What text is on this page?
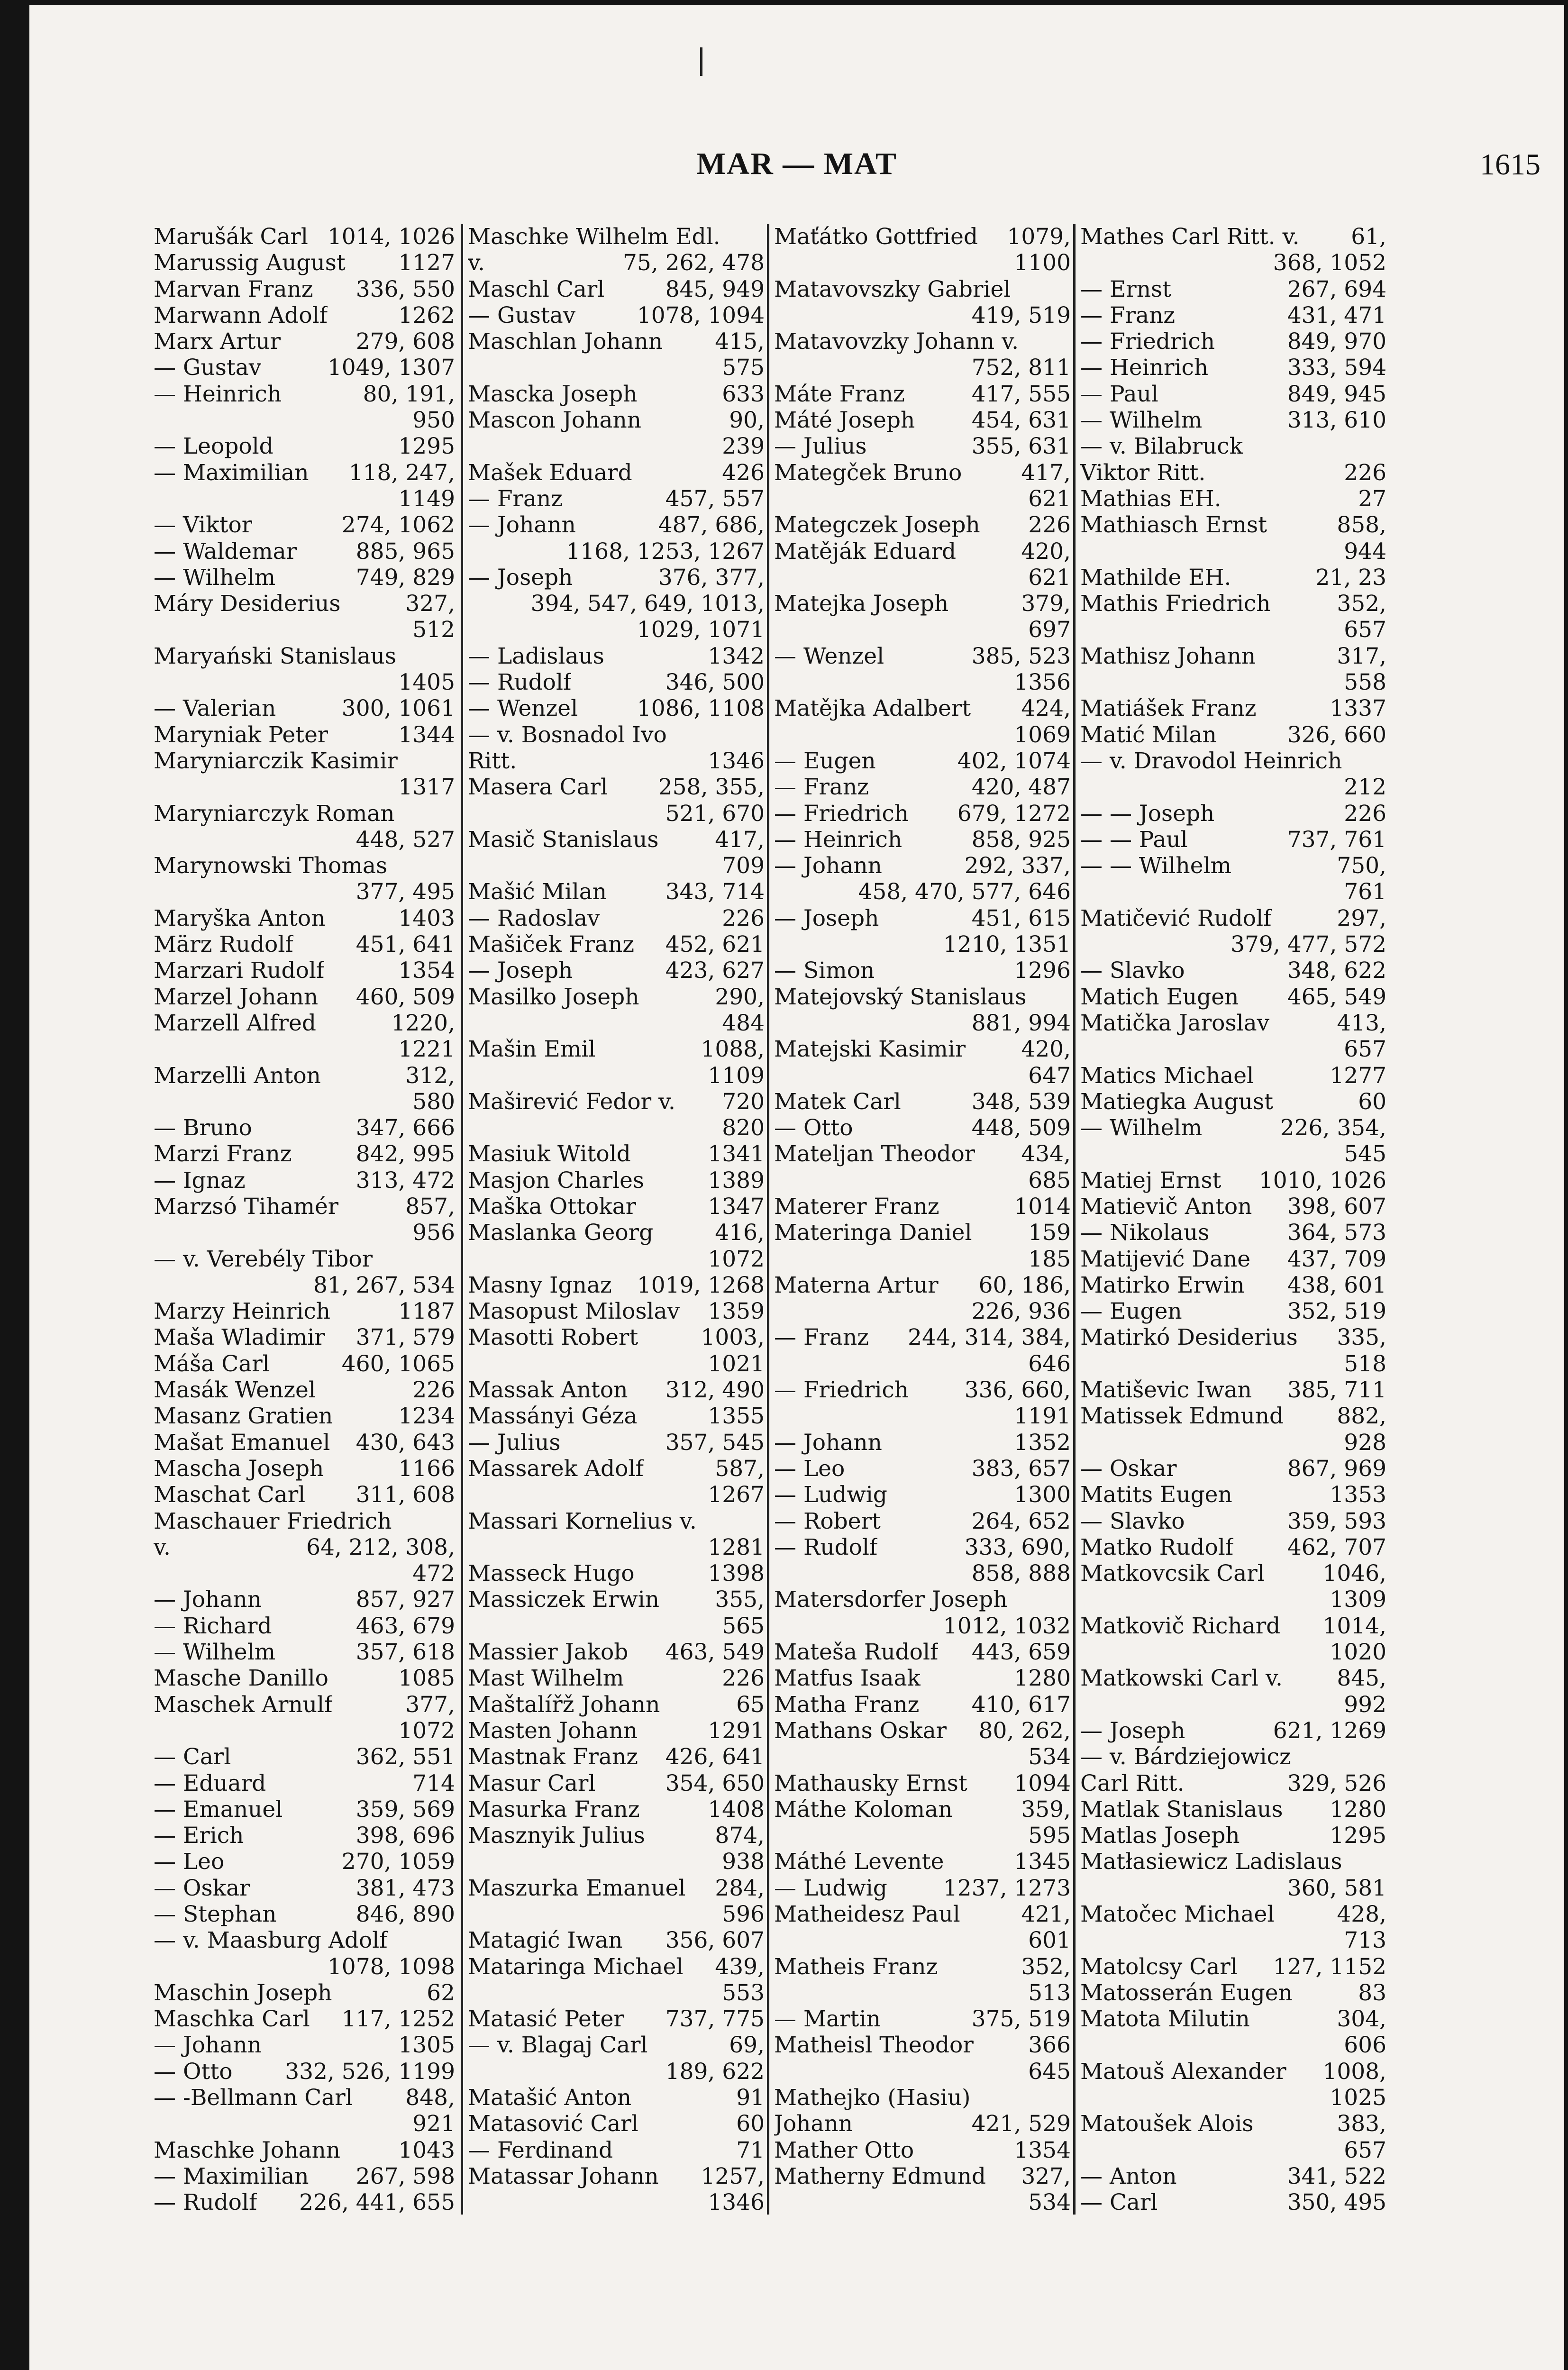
MAR — MAT	1615
Marušák Carl 1014, 1026
Marussig August 1127
Marvan Franz 336, 550
Marwann Adolf	1262
Marx Artur	279, 608
— Gustav	1049, 1307
— Heinrich	80, 191,
950
— Leopold	1295
— Maximilian 118, 247,
1149
— Viktor	274, 1062
— Waldemar	885, 965
— Wilhelm	749, 829
Máry Desiderius	327,
512
Maryański Stanislaus
1405
— Valerian	300, 1061
Maryniak Peter	1344
Maryniarczik Kasimir
1317
Maryniarczyk Roman
448, 527
Marynowski Thomas
377, 495
Maryška Anton	1403
März Rudolf	451, 641
Marzari Rudolf	1354
Marzel Johann 460, 509
Marzell Alfred	1220,
1221
Marzelli Anton	312,
580
— Bruno	347, 666
Marzi Franz	842, 995
— Ignaz	313, 472
Marzsó Tihamér	857,
956
— v. Verebély Tibor
81, 267, 534
Marzy Heinrich	1187
Maša Wladimir 371, 579
Máša Carl	460, 1065
Masák Wenzel	226
Masanz Gratien	1234
Mašat Emanuel 430, 643
Mascha Joseph	1166
Maschat Carl 311, 608
Maschauer Friedrich
v.	64, 212, 308,
472
— Johann	857, 927
— Richard	463, 679
— Wilhelm	357, 618
Masche Danillo	1085
Maschek Arnulf	377,
1072
— Carl	362, 551
— Eduard	714
— Emanuel	359, 569
— Erich	398, 696
— Leo	270, 1059
— Oskar	381, 473
— Stephan	846, 890
— v. Maasburg Adolf
1078, 1098
Maschin Joseph	62
Maschka Carl 117, 1252
— Johann	1305
— Otto 332, 526, 1199
— -Bellmann Carl 848,
921
Maschke Johann	1043
— Maximilian 267, 598
— Rudolf 226, 441, 655
Maschke Wilhelm Edl.
v.	75, 262, 478
Maschl Carl	845, 949
— Gustav	1078, 1094
Maschlan Johann 415,
575
Mascka Joseph	633
Mascon Johann	90,
239
Mašek Eduard	426
— Franz	457, 557
— Johann	487, 686,
1168, 1253, 1267
— Joseph	376, 377,
394, 547, 649, 1013,
1029, 1071
— Ladislaus	1342
— Rudolf	346, 500
— Wenzel	1086, 1108
— v. Bosnadol Ivo
Ritt.	1346
Masera Carl 258, 355,
521, 670
Masič Stanislaus	417,
709
Mašić Milan	343, 714
— Radoslav	226
Mašiček Franz 452, 621
— Joseph	423, 627
Masilko Joseph	290,
484
Mašin Emil	1088,
1109
Maširević Fedor v. 720
820
Masiuk Witold	1341
Masjon Charles	1389
Maška Ottokar	1347
Maslanka Georg	416,
1072
Masny Ignaz 1019, 1268
Masopust Miloslav 1359
Masotti Robert	1003,
1021
Massak Anton 312, 490
Massányi Géza	1355
— Julius	357, 545
Massarek Adolf	587,
1267
Massari Kornelius v.
1281
Masseck Hugo	1398
Massiczek Erwin 355,
565
Massier Jakob 463, 549
Mast Wilhelm	226
Maštalířž Johann	65
Masten Johann	1291
Mastnak Franz 426, 641
Masur Carl	354, 650
Masurka Franz	1408
Masznyik Julius	874,
938
Maszurka Emanuel 284,
596
Matagić Iwan 356, 607
Mataringa Michael 439,
553
Matasić Peter 737, 775
— v. Blagaj Carl	69,
189, 622
Matašić Anton	91
Matasović Carl	60
— Ferdinand	71
Matassar Johann 1257,
1346
Maťátko Gottfried 1079,
1100
Matavovszky Gabriel
419, 519
Matavovzky Johann v.
752, 811
Máte Franz	417, 555
Máté Joseph	454, 631
— Julius	355, 631
Mategček Bruno	417,
621
Mategczek Joseph 226
Matěják Eduard	420,
621
Matejka Joseph	379,
697
— Wenzel	385, 523
1356
Matějka Adalbert 424,
1069
— Eugen	402, 1074
— Franz	420, 487
— Friedrich 679, 1272
— Heinrich	858, 925
— Johann	292, 337,
458, 470, 577, 646
— Joseph	451, 615
1210, 1351
— Simon	1296
Matejovský Stanislaus
881, 994
Matejski Kasimir 420,
647
Matek Carl	348, 539
— Otto	448, 509
Mateljan Theodor 434,
685
Materer Franz	1014
Materinga Daniel	159
185
Materna Artur 60, 186,
226, 936
— Franz 244, 314, 384,
646
— Friedrich	336, 660,
1191
— Johann	1352
— Leo	383, 657
— Ludwig	1300
— Robert	264, 652
— Rudolf	333, 690,
858, 888
Matersdorfer Joseph
1012, 1032
Mateša Rudolf 443, 659
Matfus Isaak	1280
Matha Franz 410, 617
Mathans Oskar 80, 262,
534
Mathausky Ernst 1094
Máthe Koloman	359,
595
Máthé Levente	1345
— Ludwig	1237, 1273
Matheidesz Paul	421,
601
Matheis Franz	352,
513
— Martin	375, 519
Matheisl Theodor 366
645
Mathejko (Hasiu)
Johann	421, 529
Mather Otto	1354
Matherny Edmund 327,
534
Mathes Carl Ritt. v. 61,
368, 1052
— Ernst	267, 694
— Franz	431, 471
— Friedrich	849, 970
— Heinrich	333, 594
— Paul	849, 945
— Wilhelm	313, 610
— v. Bilabruck
Viktor Ritt.	226
Mathias EH.	27
Mathiasch Ernst	858,
944
Mathilde EH.	21, 23
Mathis Friedrich	352,
657
Mathisz Johann	317,
558
Matiášek Franz	1337
Matić Milan	326, 660
— v. Dravodol Heinrich
212
— — Joseph	226
— — Paul	737, 761
— — Wilhelm	750,
761
Matičević Rudolf	297,
379, 477, 572
— Slavko	348, 622
Matich Eugen 465, 549
Matička Jaroslav	413,
657
Matics Michael	1277
Matiegka August	60
— Wilhelm	226, 354,
545
Matiej Ernst 1010, 1026
Matievič Anton 398, 607
— Nikolaus	364, 573
Matijević Dane 437, 709
Matirko Erwin 438, 601
— Eugen	352, 519
Matirkó Desiderius 335,
518
Matiševic Iwan 385, 711
Matissek Edmund 882,
928
— Oskar	867, 969
Matits Eugen	1353
— Slavko	359, 593
Matko Rudolf 462, 707
Matkovcsik Carl	1046,
1309
Matkovič Richard 1014,
1020
Matkowski Carl v. 845,
992
— Joseph	621, 1269
— v. Bárdziejowicz
Carl Ritt.	329, 526
Matlak Stanislaus 1280
Matlas Joseph	1295
Matłasiewicz Ladislaus
360, 581
Matočec Michael	428,
713
Matolcsy Carl 127, 1152
Matosserán Eugen	83
Matota Milutin	304,
606
Matouš Alexander 1008,
1025
Matoušek Alois	383,
657
— Anton	341, 522
— Carl	350, 495
